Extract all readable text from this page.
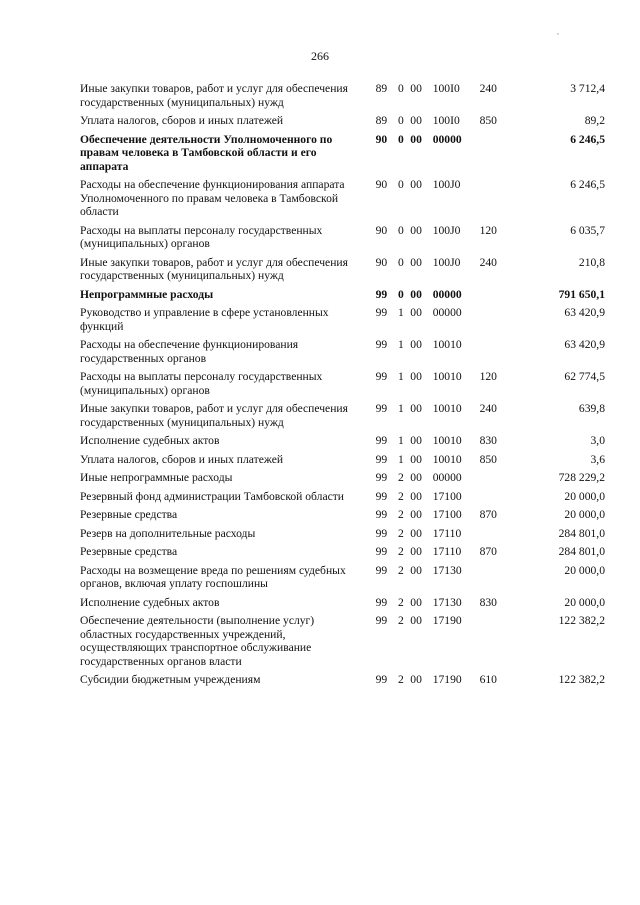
266
,
Иные закупки товаров, работ и услуг для обеспечения государственных (муниципальных) нужд	89	0	00	100I0	240	3 712,4
Уплата налогов, сборов и иных платежей	89	0	00	100I0	850	89,2
Обеспечение деятельности Уполномоченного по правам человека в Тамбовской области и его аппарата	90	0	00	00000		6 246,5
Расходы на обеспечение функционирования аппарата Уполномоченного по правам человека в Тамбовской области	90	0	00	100J0		6 246,5
Расходы на выплаты персоналу государственных (муниципальных) органов	90	0	00	100J0	120	6 035,7
Иные закупки товаров, работ и услуг для обеспечения государственных (муниципальных) нужд	90	0	00	100J0	240	210,8
Непрограммные расходы	99	0	00	00000		791 650,1
Руководство и управление в сфере установленных функций	99	1	00	00000		63 420,9
Расходы на обеспечение функционирования государственных органов	99	1	00	10010		63 420,9
Расходы на выплаты персоналу государственных (муниципальных) органов	99	1	00	10010	120	62 774,5
Иные закупки товаров, работ и услуг для обеспечения государственных (муниципальных) нужд	99	1	00	10010	240	639,8
Исполнение судебных актов	99	1	00	10010	830	3,0
Уплата налогов, сборов и иных платежей	99	1	00	10010	850	3,6
Иные непрограммные расходы	99	2	00	00000		728 229,2
Резервный фонд администрации Тамбовской области	99	2	00	17100		20 000,0
Резервные средства	99	2	00	17100	870	20 000,0
Резерв на дополнительные расходы	99	2	00	17110		284 801,0
Резервные средства	99	2	00	17110	870	284 801,0
Расходы на возмещение вреда по решениям судебных органов, включая уплату госпошлины	99	2	00	17130		20 000,0
Исполнение судебных актов	99	2	00	17130	830	20 000,0
Обеспечение деятельности (выполнение услуг) областных государственных учреждений, осуществляющих транспортное обслуживание государственных органов власти	99	2	00	17190		122 382,2
Субсидии бюджетным учреждениям	99	2	00	17190	610	122 382,2
